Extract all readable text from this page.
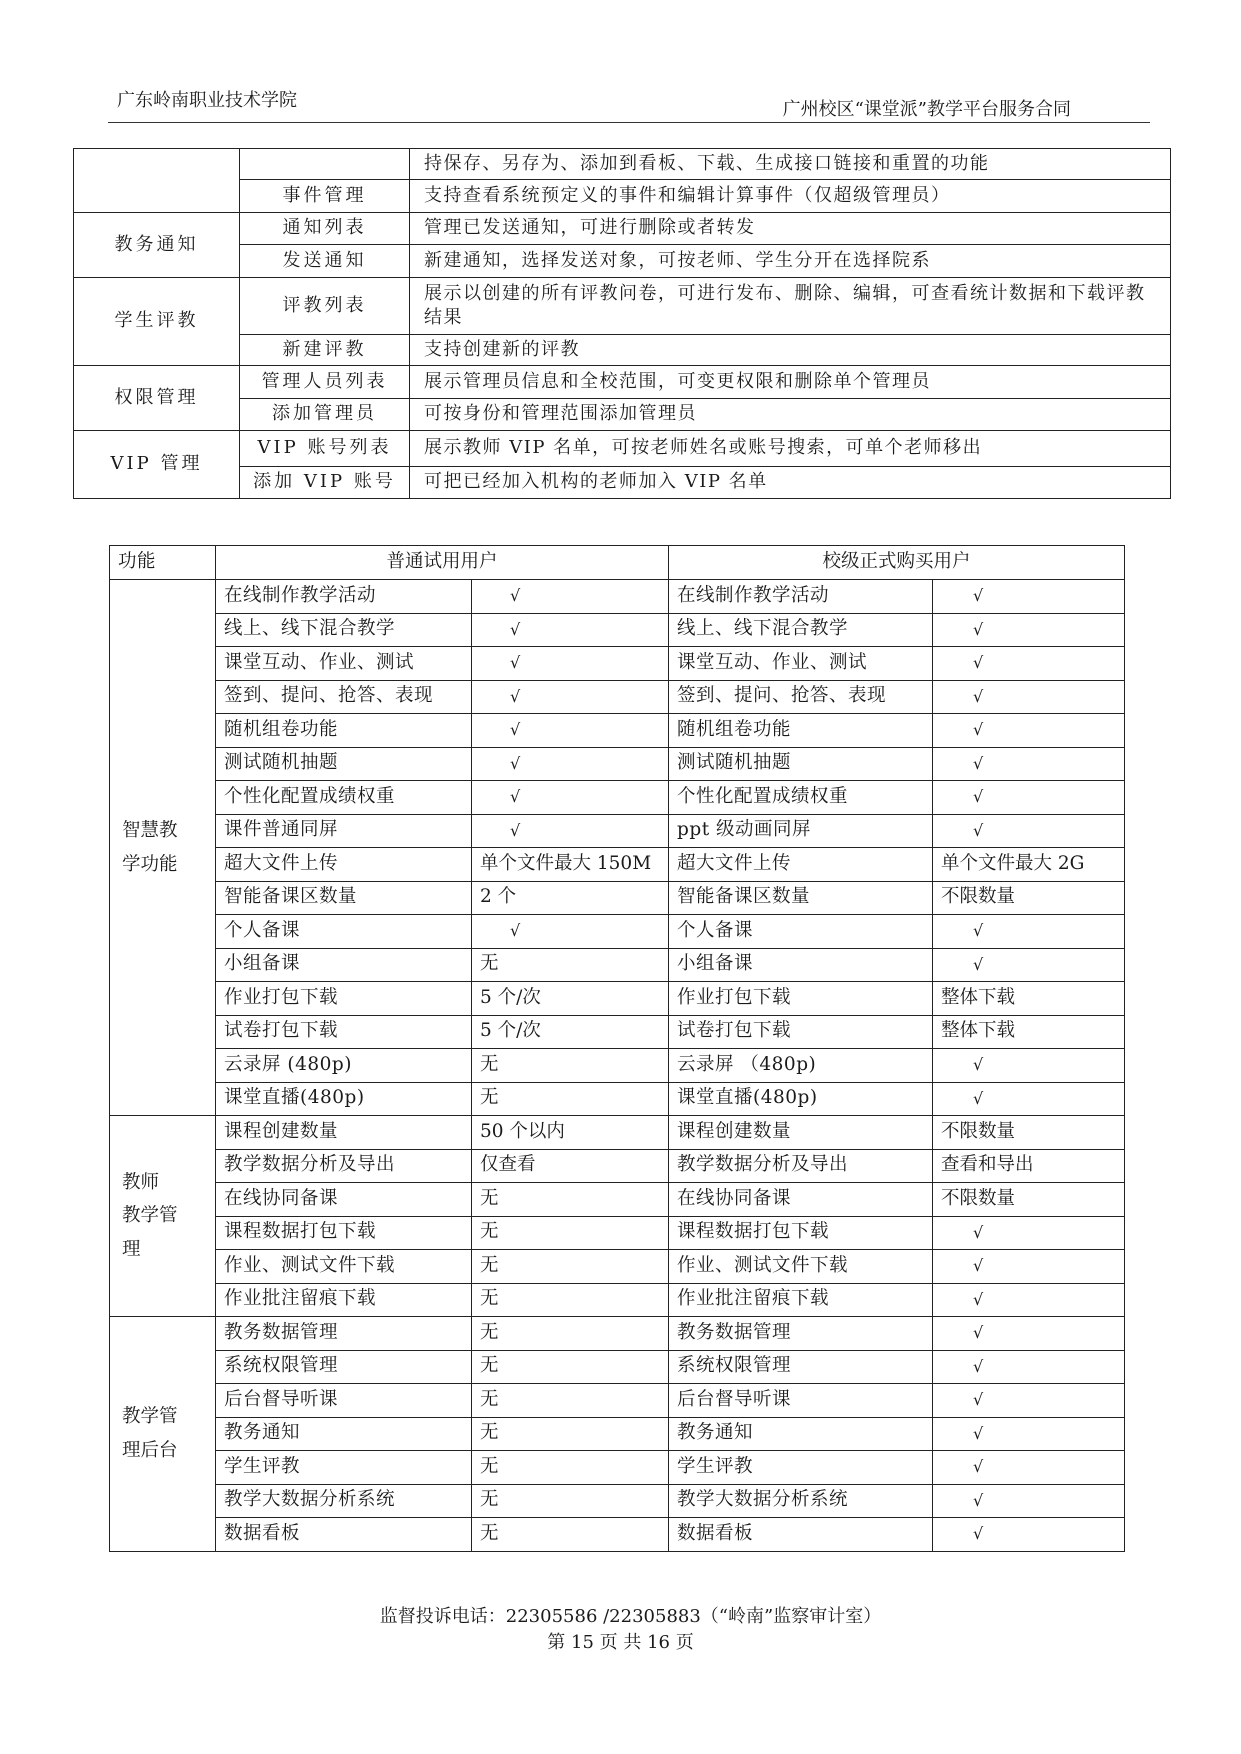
广东岭南职业技术学院	广州校区“课堂派”教学平台服务合同
		持保存、另存为、添加到看板、下载、生成接口链接和重置的功能
	事件管理	支持查看系统预定义的事件和编辑计算事件（仅超级管理员）
教务通知	通知列表	管理已发送通知，可进行删除或者转发
	发送通知	新建通知，选择发送对象，可按老师、学生分开在选择院系
学生评教	评教列表	展示以创建的所有评教问卷，可进行发布、删除、编辑，可查看统计数据和下载评教结果
	新建评教	支持创建新的评教
权限管理	管理人员列表	展示管理员信息和全校范围，可变更权限和删除单个管理员
	添加管理员	可按身份和管理范围添加管理员
VIP 管理	VIP 账号列表	展示教师 VIP 名单，可按老师姓名或账号搜索，可单个老师移出
	添加 VIP 账号	可把已经加入机构的老师加入 VIP 名单
功能	普通试用用户		校级正式购买用户	

智慧教
学功能	在线制作教学活动	√	在线制作教学活动	√
	线上、线下混合教学	√	线上、线下混合教学	√
	课堂互动、作业、测试	√	课堂互动、作业、测试	√
	签到、提问、抢答、表现	√	签到、提问、抢答、表现	√
	随机组卷功能	√	随机组卷功能	√
	测试随机抽题	√	测试随机抽题	√
	个性化配置成绩权重	√	个性化配置成绩权重	√
	课件普通同屏	√	ppt 级动画同屏	√
	超大文件上传	单个文件最大 150M	超大文件上传	单个文件最大 2G
	智能备课区数量	2 个	智能备课区数量	不限数量
	个人备课	√	个人备课	√
	小组备课	无	小组备课	√
	作业打包下载	5 个/次	作业打包下载	整体下载
	试卷打包下载	5 个/次	试卷打包下载	整体下载
	云录屏 (480p)	无	云录屏 （480p)	√
	课堂直播(480p)	无	课堂直播(480p)	√

教师
教学管
理	课程创建数量	50 个以内	课程创建数量	不限数量
	教学数据分析及导出	仅查看	教学数据分析及导出	查看和导出
	在线协同备课	无	在线协同备课	不限数量
	课程数据打包下载	无	课程数据打包下载	√
	作业、测试文件下载	无	作业、测试文件下载	√
	作业批注留痕下载	无	作业批注留痕下载	√

教学管
理后台	教务数据管理	无	教务数据管理	√
	系统权限管理	无	系统权限管理	√
	后台督导听课	无	后台督导听课	√
	教务通知	无	教务通知	√
	学生评教	无	学生评教	√
	教学大数据分析系统	无	教学大数据分析系统	√
	数据看板	无	数据看板	√
监督投诉电话：22305586 /22305883（“岭南”监察审计室）
第 15 页 共 16 页
